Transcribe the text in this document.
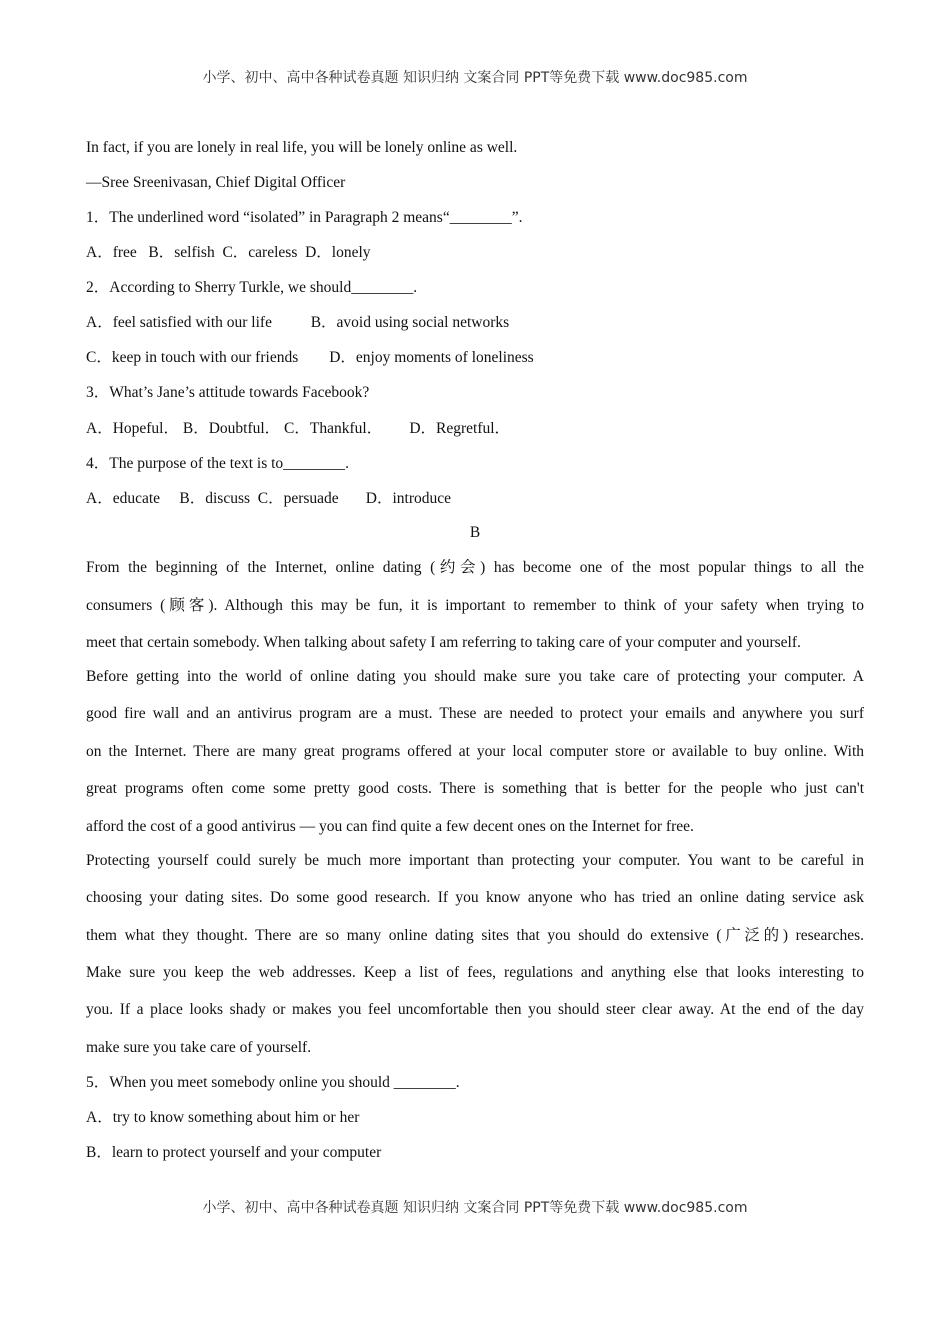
小学、初中、高中各种试卷真题 知识归纳 文案合同 PPT等免费下载 www.doc985.com
In fact, if you are lonely in real life, you will be lonely online as well.
—Sree Sreenivasan, Chief Digital Officer
1．The underlined word “isolated” in Paragraph 2 means“________”.
A．free   B．selfish  C．careless  D．lonely
2．According to Sherry Turkle, we should________.
A．feel satisfied with our life          B．avoid using social networks
C．keep in touch with our friends        D．enjoy moments of loneliness
3．What’s Jane’s attitude towards Facebook?
A．Hopeful． B．Doubtful． C．Thankful．       D．Regretful．
4．The purpose of the text is to________.
A．educate     B．discuss  C．persuade       D．introduce
B
From the beginning of the Internet, online dating (约会) has become one of the most popular things to all the
consumers (顾客). Although this may be fun, it is important to remember to think of your safety when trying to
meet that certain somebody. When talking about safety I am referring to taking care of your computer and yourself.
Before getting into the world of online dating you should make sure you take care of protecting your computer. A
good fire wall and an antivirus program are a must. These are needed to protect your emails and anywhere you surf
on the Internet. There are many great programs offered at your local computer store or available to buy online. With
great programs often come some pretty good costs. There is something that is better for the people who just can't
afford the cost of a good antivirus — you can find quite a few decent ones on the Internet for free.
Protecting yourself could surely be much more important than protecting your computer. You want to be careful in
choosing your dating sites. Do some good research. If you know anyone who has tried an online dating service ask
them what they thought. There are so many online dating sites that you should do extensive (广泛的) researches.
Make sure you keep the web addresses. Keep a list of fees, regulations and anything else that looks interesting to
you. If a place looks shady or makes you feel uncomfortable then you should steer clear away. At the end of the day
make sure you take care of yourself.
5．When you meet somebody online you should ________.
A．try to know something about him or her
B．learn to protect yourself and your computer
小学、初中、高中各种试卷真题 知识归纳 文案合同 PPT等免费下载 www.doc985.com
